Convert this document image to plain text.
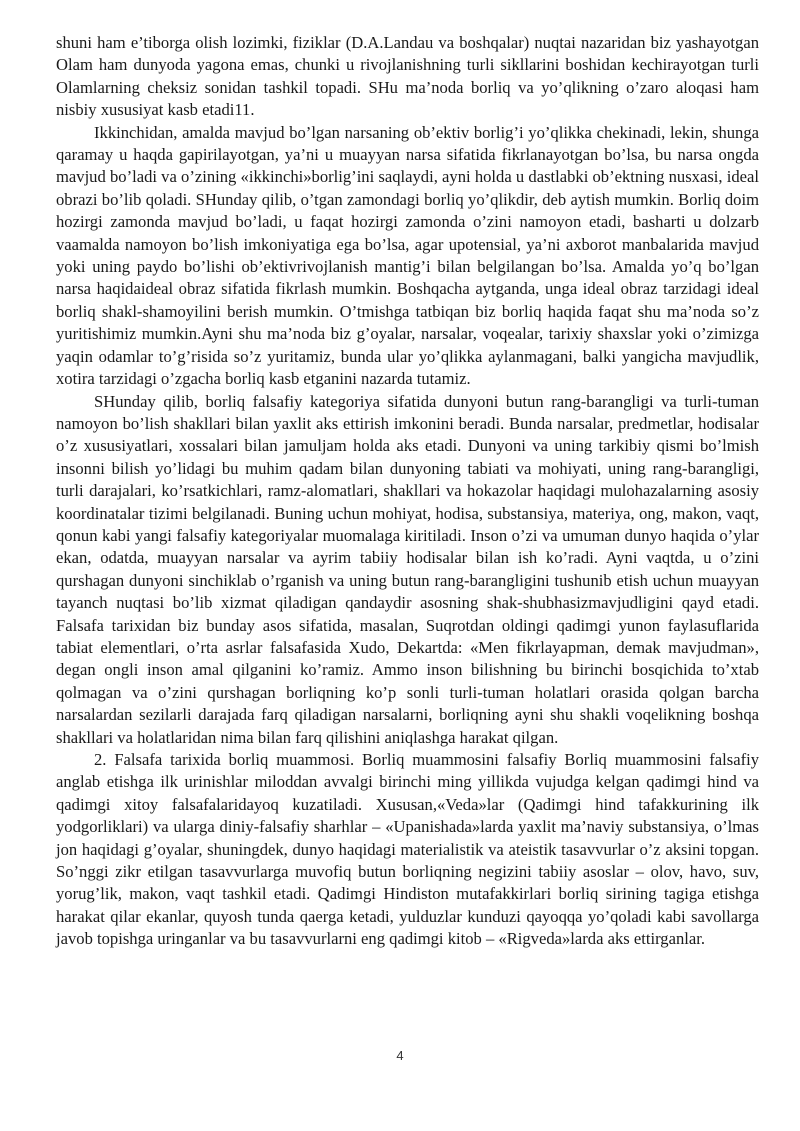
shuni ham e’tiborga olish lozimki, fiziklar (D.A.Landau va boshqalar) nuqtai nazaridan biz yashayotgan Olam ham dunyoda yagona emas, chunki u rivojlanishning turli sikllarini boshidan kechirayotgan turli Olamlarning cheksiz sonidan tashkil topadi. SHu ma’noda borliq va yo’qlikning o’zaro aloqasi ham nisbiy xususiyat kasb etadi11.

Ikkinchidan, amalda mavjud bo’lgan narsaning ob’ektiv borlig’i yo’qlikka chekinadi, lekin, shunga qaramay u haqda gapirilayotgan, ya’ni u muayyan narsa sifatida fikrlanayotgan bo’lsa, bu narsa ongda mavjud bo’ladi va o’zining «ikkinchi»borlig’ini saqlaydi, ayni holda u dastlabki ob’ektning nusxasi, ideal obrazi bo’lib qoladi. SHunday qilib, o’tgan zamondagi borliq yo’qlikdir, deb aytish mumkin. Borliq doim hozirgi zamonda mavjud bo’ladi, u faqat hozirgi zamonda o’zini namoyon etadi, basharti u dolzarb vaamalda namoyon bo’lish imkoniyatiga ega bo’lsa, agar upotensial, ya’ni axborot manbalarida mavjud yoki uning paydo bo’lishi ob’ektivrivojlanish mantig’i bilan belgilangan bo’lsa. Amalda yo’q bo’lgan narsa haqidaideal obraz sifatida fikrlash mumkin. Boshqacha aytganda, unga ideal obraz tarzidagi ideal borliq shakl-shamoyilini berish mumkin. O’tmishga tatbiqan biz borliq haqida faqat shu ma’noda so’z yuritishimiz mumkin.Ayni shu ma’noda biz g’oyalar, narsalar, voqealar, tarixiy shaxslar yoki o’zimizga yaqin odamlar to’g’risida so’z yuritamiz, bunda ular yo’qlikka aylanmagani, balki yangicha mavjudlik, xotira tarzidagi o’zgacha borliq kasb etganini nazarda tutamiz.

SHunday qilib, borliq falsafiy kategoriya sifatida dunyoni butun rang-barangligi va turli-tuman namoyon bo’lish shakllari bilan yaxlit aks ettirish imkonini beradi. Bunda narsalar, predmetlar, hodisalar o’z xususiyatlari, xossalari bilan jamuljam holda aks etadi. Dunyoni va uning tarkibiy qismi bo’lmish insonni bilish yo’lidagi bu muhim qadam bilan dunyoning tabiati va mohiyati, uning rang-barangligi, turli darajalari, ko’rsatkichlari, ramz-alomatlari, shakllari va hokazolar haqidagi mulohazalarning asosiy koordinatalar tizimi belgilanadi. Buning uchun mohiyat, hodisa, substansiya, materiya, ong, makon, vaqt, qonun kabi yangi falsafiy kategoriyalar muomalaga kiritiladi. Inson o’zi va umuman dunyo haqida o’ylar ekan, odatda, muayyan narsalar va ayrim tabiiy hodisalar bilan ish ko’radi. Ayni vaqtda, u o’zini qurshagan dunyoni sinchiklab o’rganish va uning butun rang-barangligini tushunib etish uchun muayyan tayanch nuqtasi bo’lib xizmat qiladigan qandaydir asosning shak-shubhasizmavjudligini qayd etadi. Falsafa tarixidan biz bunday asos sifatida, masalan, Suqrotdan oldingi qadimgi yunon faylasuflarida tabiat elementlari, o’rta asrlar falsafasida Xudo, Dekartda: «Men fikrlayapman, demak mavjudman», degan ongli inson amal qilganini ko’ramiz. Ammo inson bilishning bu birinchi bosqichida to’xtab qolmagan va o’zini qurshagan borliqning ko’p sonli turli-tuman holatlari orasida qolgan barcha narsalardan sezilarli darajada farq qiladigan narsalarni, borliqning ayni shu shakli voqelikning boshqa shakllari va holatlaridan nima bilan farq qilishini aniqlashga harakat qilgan.

2. Falsafa tarixida borliq muammosi. Borliq muammosini falsafiy Borliq muammosini falsafiy anglab etishga ilk urinishlar miloddan avvalgi birinchi ming yillikda vujudga kelgan qadimgi hind va qadimgi xitoy falsafalaridayoq kuzatiladi. Xususan,«Veda»lar (Qadimgi hind tafakkurining ilk yodgorliklari) va ularga diniy-falsafiy sharhlar – «Upanishada»larda yaxlit ma’naviy substansiya, o’lmas jon haqidagi g’oyalar, shuningdek, dunyo haqidagi materialistik va ateistik tasavvurlar o’z aksini topgan. So’nggi zikr etilgan tasavvurlarga muvofiq butun borliqning negizini tabiiy asoslar – olov, havo, suv, yorug’lik, makon, vaqt tashkil etadi. Qadimgi Hindiston mutafakkirlari borliq sirining tagiga etishga harakat qilar ekanlar, quyosh tunda qaerga ketadi, yulduzlar kunduzi qayoqqa yo’qoladi kabi savollarga javob topishga uringanlar va bu tasavvurlarni eng qadimgi kitob – «Rigveda»larda aks ettirganlar.

4
